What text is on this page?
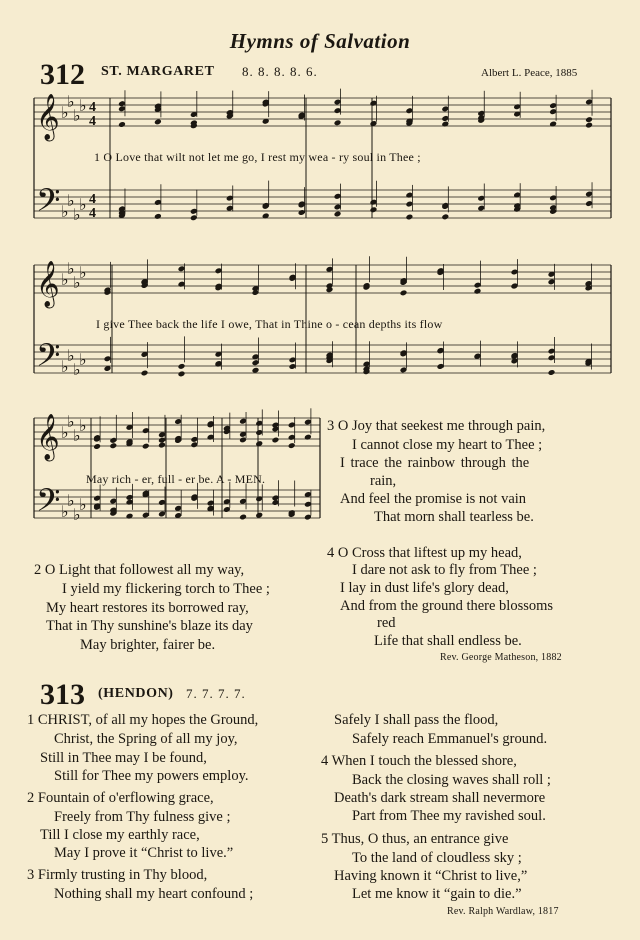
Hymns of Salvation
312 ST. MARGARET 8. 8. 8. 8. 6.	Albert L. Peace, 1885
𝄞
𝄢
♭
♭
♭
♭
♭
♭
♭
♭
4
4
4
4
𝄞
𝄢
♭
♭
♭
♭
♭
♭
♭
♭
𝄞
𝄢
♭
♭
♭
♭
♭
♭
♭
♭
1 O Love that wilt not let me go, I rest my wea - ry soul in Thee ;
I give Thee back the life I owe, That in Thine o - cean depths its flow
May rich - er, full - er be. A - MEN.
2 O Light that followest all my way,
I yield my flickering torch to Thee ;
My heart restores its borrowed ray,
That in Thy sunshine's blaze its day
May brighter, fairer be.
3 O Joy that seekest me through pain,
I cannot close my heart to Thee ;
I trace the rainbow through the
rain,
And feel the promise is not vain
That morn shall tearless be.
4 O Cross that liftest up my head,
I dare not ask to fly from Thee ;
I lay in dust life's glory dead,
And from the ground there blossoms
red
Life that shall endless be.
Rev. George Matheson, 1882
313 (HENDON) 7. 7. 7. 7.
1 CHRIST, of all my hopes the Ground,
Christ, the Spring of all my joy,
Still in Thee may I be found,
Still for Thee my powers employ.
2 Fountain of o'erflowing grace,
Freely from Thy fulness give ;
Till I close my earthly race,
May I prove it “Christ to live.”
3 Firmly trusting in Thy blood,
Nothing shall my heart confound ;
Safely I shall pass the flood,
Safely reach Emmanuel's ground.
4 When I touch the blessed shore,
Back the closing waves shall roll ;
Death's dark stream shall nevermore
Part from Thee my ravished soul.
5 Thus, O thus, an entrance give
To the land of cloudless sky ;
Having known it “Christ to live,”
Let me know it “gain to die.”
Rev. Ralph Wardlaw, 1817
